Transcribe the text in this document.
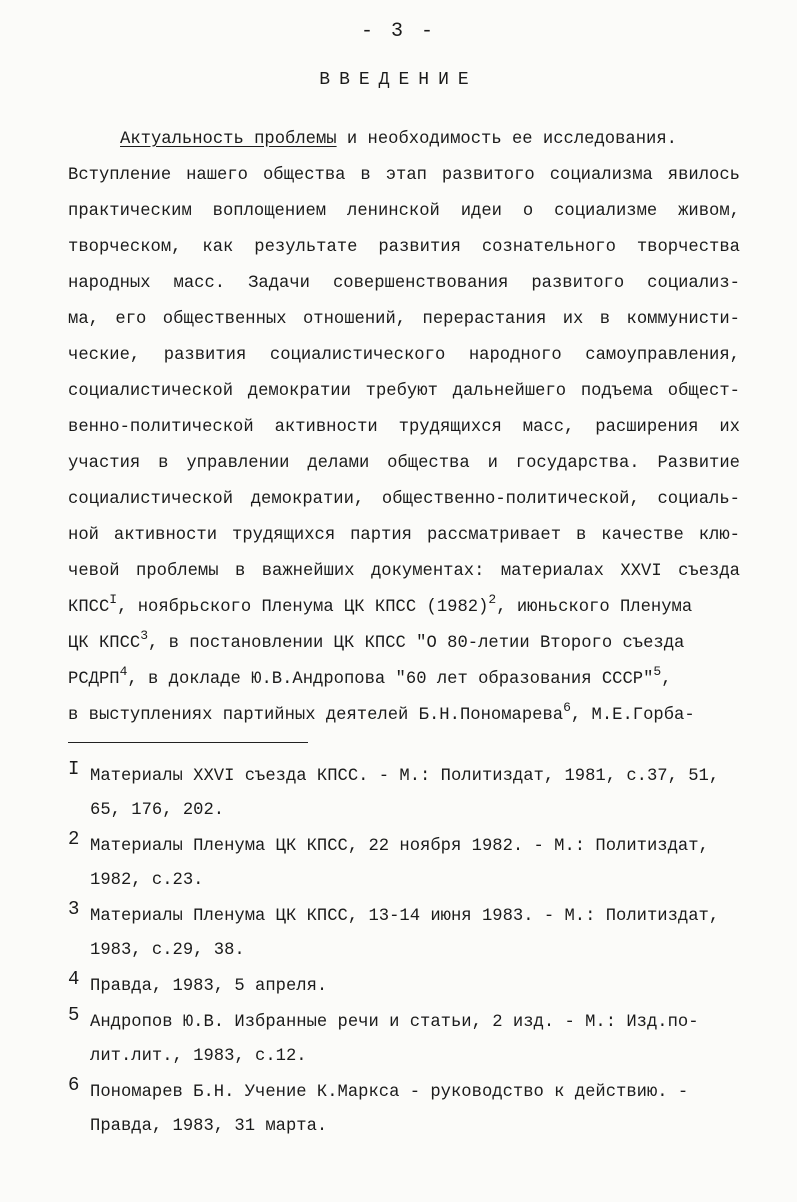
- 3 -
ВВЕДЕНИЕ
Актуальность проблемы и необходимость ее исследования.
Вступление нашего общества в этап развитого социализма явилось
практическим воплощением ленинской идеи о социализме живом,
творческом, как результате развития сознательного творчества
народных масс. Задачи совершенствования развитого социализ-
ма, его общественных отношений, перерастания их в коммунисти-
ческие, развития социалистического народного самоуправления,
социалистической демократии требуют дальнейшего подъема общест-
венно-политической активности трудящихся масс, расширения их
участия в управлении делами общества и государства. Развитие
социалистической демократии, общественно-политической, социаль-
ной активности трудящихся партия рассматривает в качестве клю-
чевой проблемы в важнейших документах: материалах XXVI съезда
$КПСС^I$, ноябрьского Пленума ЦК КПСС $(1982)^2$, июньского Пленума
ЦК КПСС$^3$, в постановлении ЦК КПСС "О 80-летии Второго съезда
РСДРП$^4$, в докладе Ю.В.Андропова "60 лет образования СССР"$^5$,
в выступлениях партийных деятелей Б.Н.Пономарева$^6$, М.Е.Горба-
I Материалы XXVI съезда КПСС. - М.: Политиздат, 1981, с.37, 51,
65, 176, 202.
2 Материалы Пленума ЦК КПСС, 22 ноября 1982. - М.: Политиздат,
1982, с.23.
3 Материалы Пленума ЦК КПСС, 13-14 июня 1983. - М.: Политиздат,
1983, с.29, 38.
4 Правда, 1983, 5 апреля.
5 Андропов Ю.В. Избранные речи и статьи, 2 изд. - М.: Изд.по-
лит.лит., 1983, с.12.
6 Пономарев Б.Н. Учение К.Маркса - руководство к действию. -
Правда, 1983, 31 марта.
